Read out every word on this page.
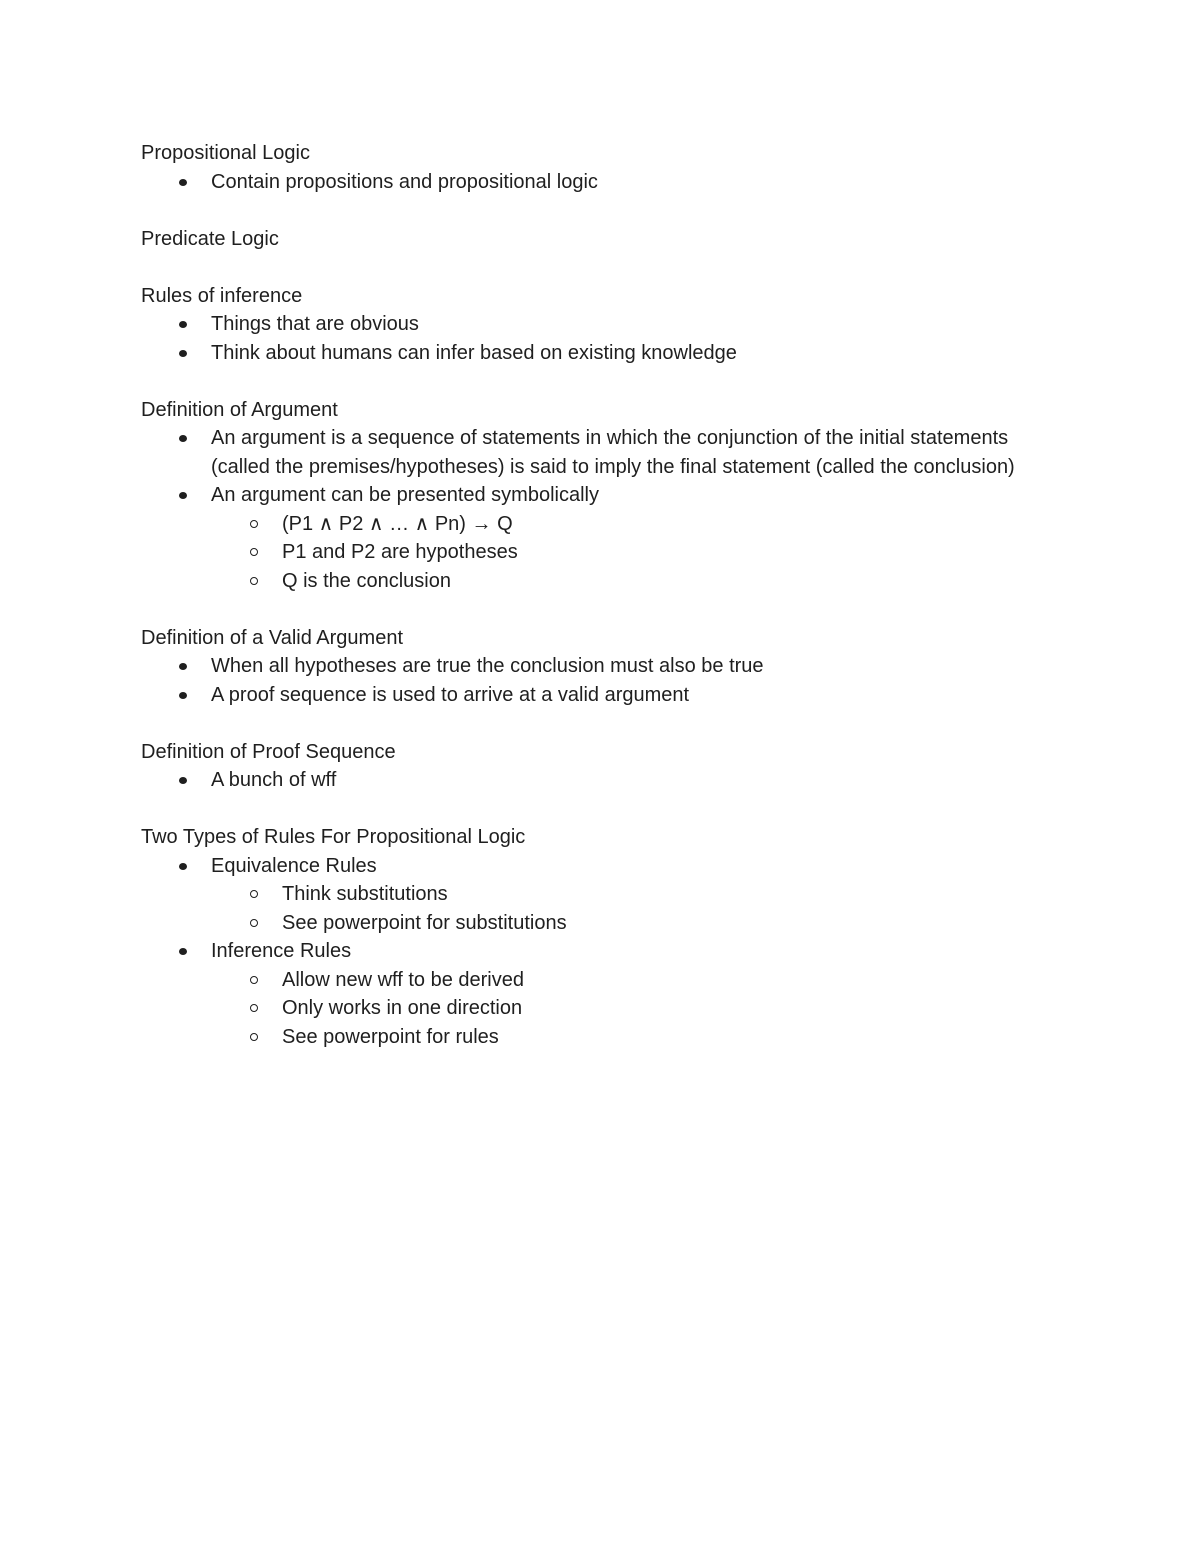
Propositional Logic

Contain propositions and propositional logic

Predicate Logic

Rules of inference

Things that are obvious
Think about humans can infer based on existing knowledge

Definition of Argument

An argument is a sequence of statements in which the conjunction of the initial statements (called the premises/hypotheses) is said to imply the final statement (called the conclusion)
An argument can be presented symbolically
(P1 ∧ P2 ∧ … ∧ Pn) → Q
P1 and P2 are hypotheses
Q is the conclusion

Definition of a Valid Argument

When all hypotheses are true the conclusion must also be true
A proof sequence is used to arrive at a valid argument

Definition of Proof Sequence

A bunch of wff

Two Types of Rules For Propositional Logic

Equivalence Rules
Think substitutions
See powerpoint for substitutions
Inference Rules
Allow new wff to be derived
Only works in one direction
See powerpoint for rules
